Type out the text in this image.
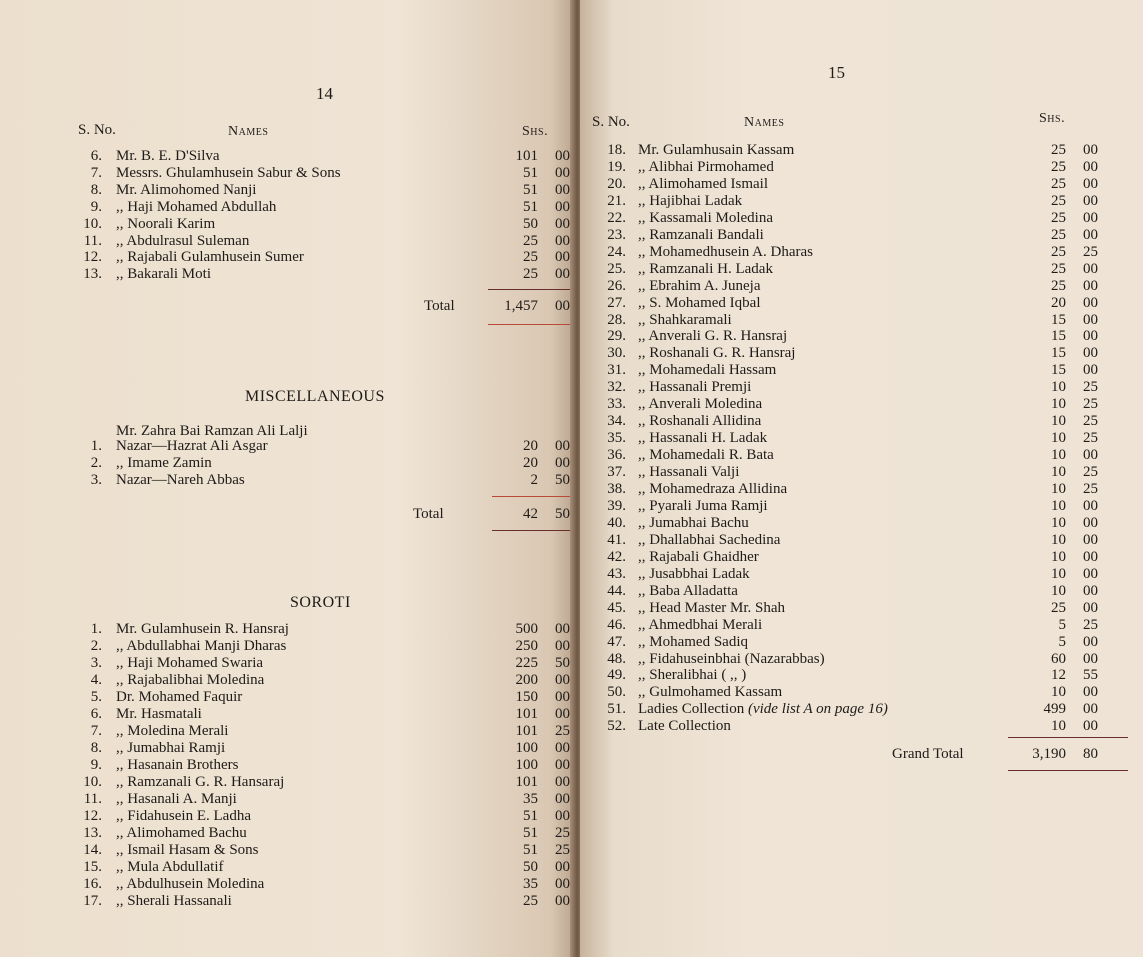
14
S. No.	Names	Shs.
6. Mr. B. E. D'Silva	101	00
7. Messrs. Ghulamhusein Sabur & Sons	51	00
8. Mr. Alimohomed Nanji	51	00
9. ,, Haji Mohamed Abdullah	51	00
10. ,, Noorali Karim	50	00
11. ,, Abdulrasul Suleman	25	00
12. ,, Rajabali Gulamhusein Sumer	25	00
13. ,, Bakarali Moti	25	00
Total	1,457	00
MISCELLANEOUS
Mr. Zahra Bai Ramzan Ali Lalji
1. Nazar—Hazrat Ali Asgar	20	00
2. ,, Imame Zamin	20	00
3. Nazar—Nareh Abbas	2	50
Total	42	50
SOROTI
1. Mr. Gulamhusein R. Hansraj	500	00
2. ,, Abdullabhai Manji Dharas	250	00
3. ,, Haji Mohamed Swaria	225	50
4. ,, Rajabalibhai Moledina	200	00
5. Dr. Mohamed Faquir	150	00
6. Mr. Hasmatali	101	00
7. ,, Moledina Merali	101	25
8. ,, Jumabhai Ramji	100	00
9. ,, Hasanain Brothers	100	00
10. ,, Ramzanali G. R. Hansaraj	101	00
11. ,, Hasanali A. Manji	35	00
12. ,, Fidahusein E. Ladha	51	00
13. ,, Alimohamed Bachu	51	25
14. ,, Ismail Hasam & Sons	51	25
15. ,, Mula Abdullatif	50	00
16. ,, Abdulhusein Moledina	35	00
17. ,, Sherali Hassanali	25	00
15
S. No.	Names	Shs.
18. Mr. Gulamhusain Kassam	25	00
19. ,, Alibhai Pirmohamed	25	00
20. ,, Alimohamed Ismail	25	00
21. ,, Hajibhai Ladak	25	00
22. ,, Kassamali Moledina	25	00
23. ,, Ramzanali Bandali	25	00
24. ,, Mohamedhusein A. Dharas	25	25
25. ,, Ramzanali H. Ladak	25	00
26. ,, Ebrahim A. Juneja	25	00
27. ,, S. Mohamed Iqbal	20	00
28. ,, Shahkaramali	15	00
29. ,, Anverali G. R. Hansraj	15	00
30. ,, Roshanali G. R. Hansraj	15	00
31. ,, Mohamedali Hassam	15	00
32. ,, Hassanali Premji	10	25
33. ,, Anverali Moledina	10	25
34. ,, Roshanali Allidina	10	25
35. ,, Hassanali H. Ladak	10	25
36. ,, Mohamedali R. Bata	10	00
37. ,, Hassanali Valji	10	25
38. ,, Mohamedraza Allidina	10	25
39. ,, Pyarali Juma Ramji	10	00
40. ,, Jumabhai Bachu	10	00
41. ,, Dhallabhai Sachedina	10	00
42. ,, Rajabali Ghaidher	10	00
43. ,, Jusabbhai Ladak	10	00
44. ,, Baba Alladatta	10	00
45. ,, Head Master Mr. Shah	25	00
46. ,, Ahmedbhai Merali	5	25
47. ,, Mohamed Sadiq	5	00
48. ,, Fidahuseinbhai (Nazarabbas)	60	00
49. ,, Sheralibhai ( ,, )	12	55
50. ,, Gulmohamed Kassam	10	00
51. Ladies Collection (vide list A on page 16)	499	00
52. Late Collection	10	00
Grand Total	3,190	80
